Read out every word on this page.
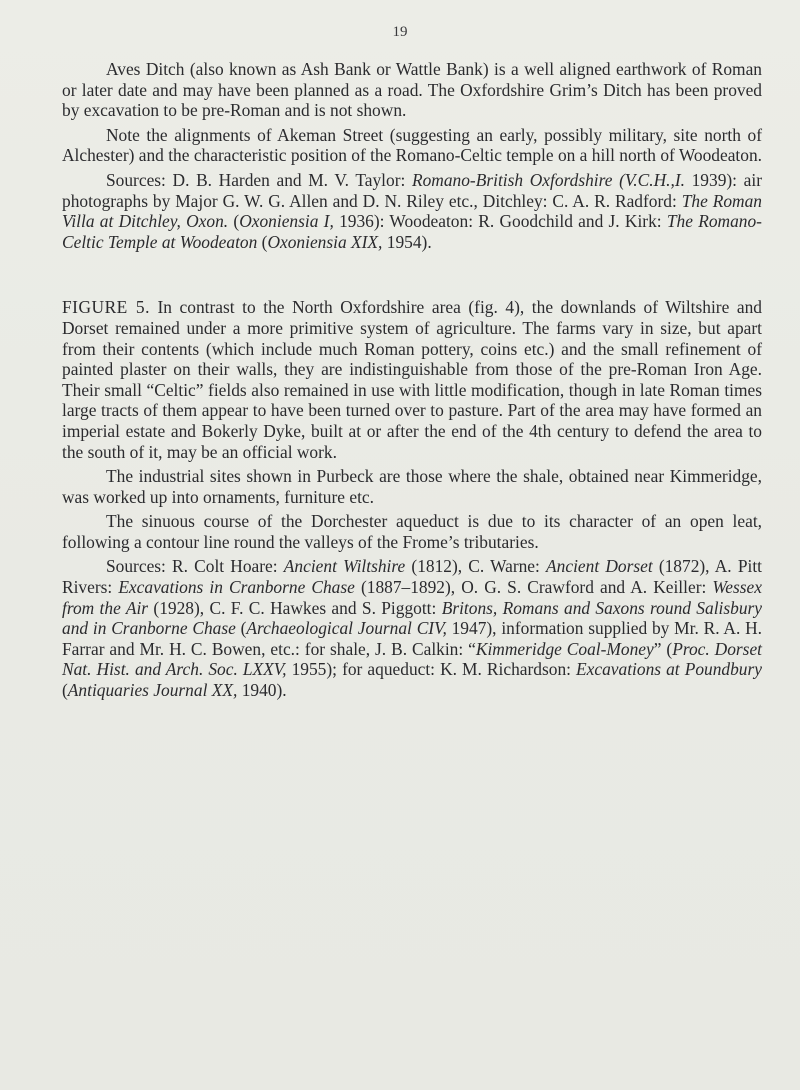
19

Aves Ditch (also known as Ash Bank or Wattle Bank) is a well aligned earthwork of Roman or later date and may have been planned as a road. The Oxfordshire Grim’s Ditch has been proved by excavation to be pre-Roman and is not shown.

Note the alignments of Akeman Street (suggesting an early, possibly military, site north of Alchester) and the characteristic position of the Romano-Celtic temple on a hill north of Woodeaton.

Sources: D. B. Harden and M. V. Taylor: Romano-British Oxfordshire (V.C.H.,I. 1939): air photographs by Major G. W. G. Allen and D. N. Riley etc., Ditchley: C. A. R. Radford: The Roman Villa at Ditchley, Oxon. (Oxoniensia I, 1936): Woodeaton: R. Goodchild and J. Kirk: The Romano-Celtic Temple at Woodeaton (Oxoniensia XIX, 1954).

FIGURE 5. In contrast to the North Oxfordshire area (fig. 4), the downlands of Wiltshire and Dorset remained under a more primitive system of agriculture. The farms vary in size, but apart from their contents (which include much Roman pottery, coins etc.) and the small refinement of painted plaster on their walls, they are indistinguishable from those of the pre-Roman Iron Age. Their small “Celtic” fields also remained in use with little modification, though in late Roman times large tracts of them appear to have been turned over to pasture. Part of the area may have formed an imperial estate and Bokerly Dyke, built at or after the end of the 4th century to defend the area to the south of it, may be an official work.

The industrial sites shown in Purbeck are those where the shale, obtained near Kimmeridge, was worked up into ornaments, furniture etc.

The sinuous course of the Dorchester aqueduct is due to its character of an open leat, following a contour line round the valleys of the Frome’s tributaries.

Sources: R. Colt Hoare: Ancient Wiltshire (1812), C. Warne: Ancient Dorset (1872), A. Pitt Rivers: Excavations in Cranborne Chase (1887–1892), O. G. S. Crawford and A. Keiller: Wessex from the Air (1928), C. F. C. Hawkes and S. Piggott: Britons, Romans and Saxons round Salisbury and in Cranborne Chase (Archaeological Journal CIV, 1947), information supplied by Mr. R. A. H. Farrar and Mr. H. C. Bowen, etc.: for shale, J. B. Calkin: “Kimmeridge Coal-Money” (Proc. Dorset Nat. Hist. and Arch. Soc. LXXV, 1955); for aqueduct: K. M. Richardson: Excavations at Poundbury (Antiquaries Journal XX, 1940).
